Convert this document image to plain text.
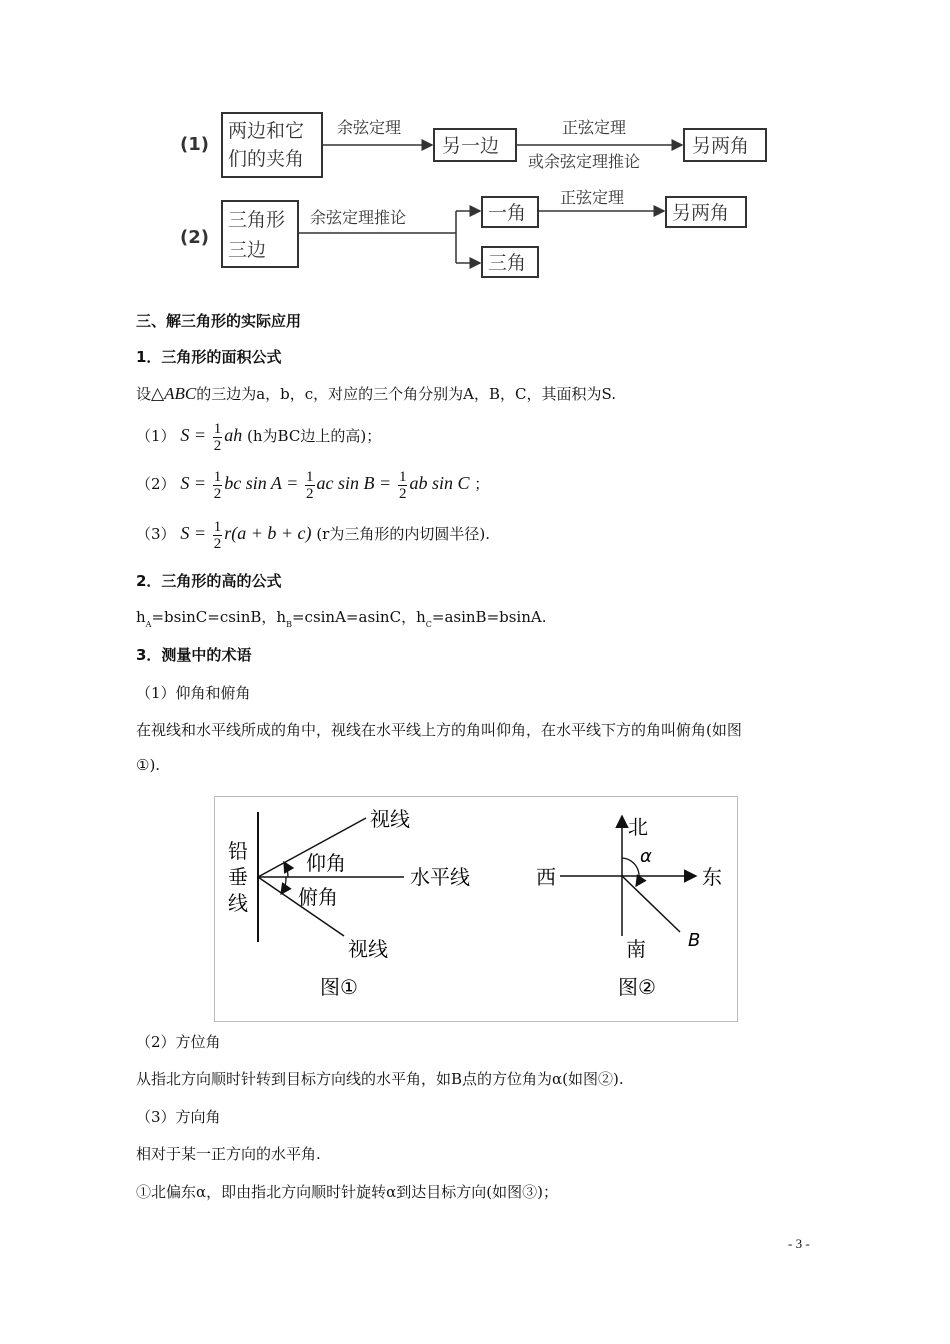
(1)
两边和它
们的夹角
余弦定理
另一边
正弦定理
或余弦定理推论
另两角
(2)
三角形
三边
余弦定理推论	一角
三角
正弦定理
另两角
三、解三角形的实际应用
1．三角形的面积公式
设△ABC的三边为a，b，c，对应的三个角分别为A，B，C，其面积为S.
（1） $S = \frac{1}{2}$ ah (h为BC边上的高)；
（2） $S = \frac{1}{2}$ bc $\sin A = \frac{1}{2}$ ac $\sin B = \frac{1}{2}$ ab sin C ；
（3） $S = \frac{1}{2} r(a + b + c)$ (r为三角形的内切圆半径).
2．三角形的高的公式
$h_A=bsinC=csinB$，$h_B=csinA=asinC$，$h_C=asinB=bsinA$.
3．测量中的术语
（1）仰角和俯角
在视线和水平线所成的角中，视线在水平线上方的角叫仰角，在水平线下方的角叫俯角(如图
①).
铅
垂
线
视线
仰角
水平线
俯角
视线
图①
北
西	东
南
α
B
图②
（2）方位角
从指北方向顺时针转到目标方向线的水平角，如B点的方位角为α(如图②).
（3）方向角
相对于某一正方向的水平角.
①北偏东α，即由指北方向顺时针旋转α到达目标方向(如图③)；
- 3 -
